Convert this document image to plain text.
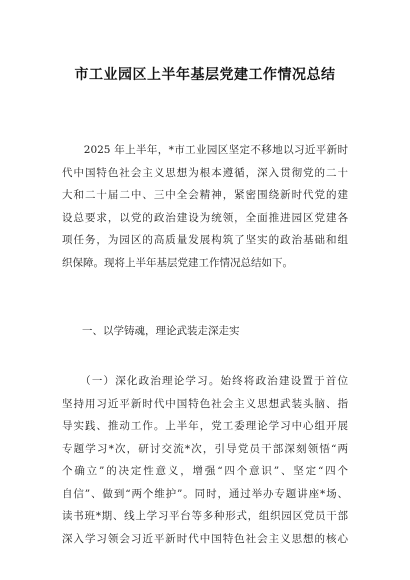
市工业园区上半年基层党建工作情况总结
　　2025 年上半年，*市工业园区坚定不移地以习近平新时
代中国特色社会主义思想为根本遵循，深入贯彻党的二十
大和二十届二中、三中全会精神，紧密围绕新时代党的建
设总要求，以党的政治建设为统领，全面推进园区党建各
项任务，为园区的高质量发展构筑了坚实的政治基础和组
织保障。现将上半年基层党建工作情况总结如下。
一、以学铸魂，理论武装走深走实
　　（一）深化政治理论学习。始终将政治建设置于首位
坚持用习近平新时代中国特色社会主义思想武装头脑、指
导实践、推动工作。上半年，党工委理论学习中心组开展
专题学习*次，研讨交流*次，引导党员干部深刻领悟“两
个确立”的决定性意义，增强“四个意识”、坚定“四个
自信”、做到“两个维护”。同时，通过举办专题讲座*场、
读书班*期、线上学习平台等多种形式，组织园区党员干部
深入学习领会习近平新时代中国特色社会主义思想的核心
